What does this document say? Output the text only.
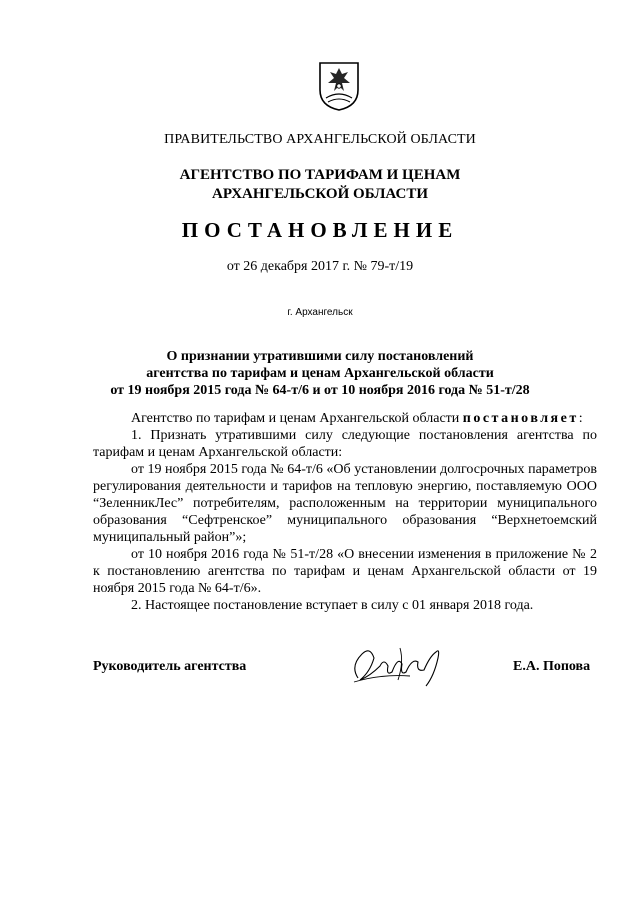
ПРАВИТЕЛЬСТВО АРХАНГЕЛЬСКОЙ ОБЛАСТИ
АГЕНТСТВО ПО ТАРИФАМ И ЦЕНАМ
АРХАНГЕЛЬСКОЙ ОБЛАСТИ
ПОСТАНОВЛЕНИЕ
от 26 декабря 2017 г. № 79-т/19
г. Архангельск
О признании утратившими силу постановлений
агентства по тарифам и ценам Архангельской области
от 19 ноября 2015 года № 64-т/6 и от 10 ноября 2016 года № 51-т/28

Агентство по тарифам и ценам Архангельской области постановляет:

1. Признать утратившими силу следующие постановления агентства по тарифам и ценам Архангельской области:

от 19 ноября 2015 года № 64-т/6 «Об установлении долгосрочных параметров регулирования деятельности и тарифов на тепловую энергию, поставляемую ООО “ЗеленникЛес” потребителям, расположенным на территории муниципального образования “Сефтренское” муниципального образования “Верхнетоемский муниципальный район”»;

от 10 ноября 2016 года № 51-т/28 «О внесении изменения в приложение № 2 к постановлению агентства по тарифам и ценам Архангельской области от 19 ноября 2015 года № 64-т/6».

2. Настоящее постановление вступает в силу с 01 января 2018 года.

Руководитель агентства	Е.А. Попова
